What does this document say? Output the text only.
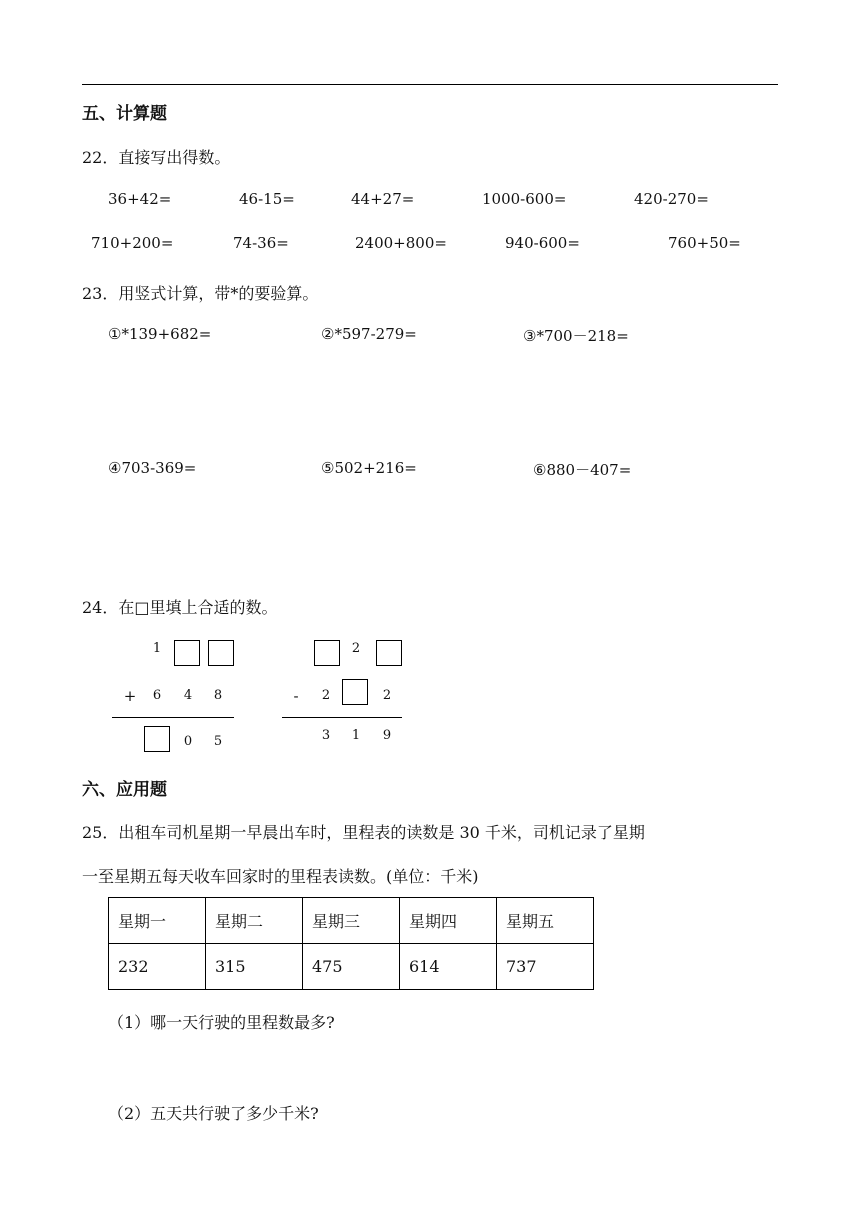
五、计算题
22．直接写出得数。
36+42=	46-15=	44+27=	1000-600=	420-270=
710+200=	74-36=	2400+800=	940-600=	760+50=
23．用竖式计算，带*的要验算。
①*139+682=	②*597-279=	③*700－218=
④703-369=	⑤502+216=	⑥880－407=
24．在□里填上合适的数。
1
+ 6 4 8
0 5
2
-	2	2
3 1 9
六、应用题
25．出租车司机星期一早晨出车时，里程表的读数是 30 千米，司机记录了星期
一至星期五每天收车回家时的里程表读数。(单位：千米)
星期一	星期二	星期三	星期四	星期五
232	315	475	614	737
（1）哪一天行驶的里程数最多?
（2）五天共行驶了多少千米?
